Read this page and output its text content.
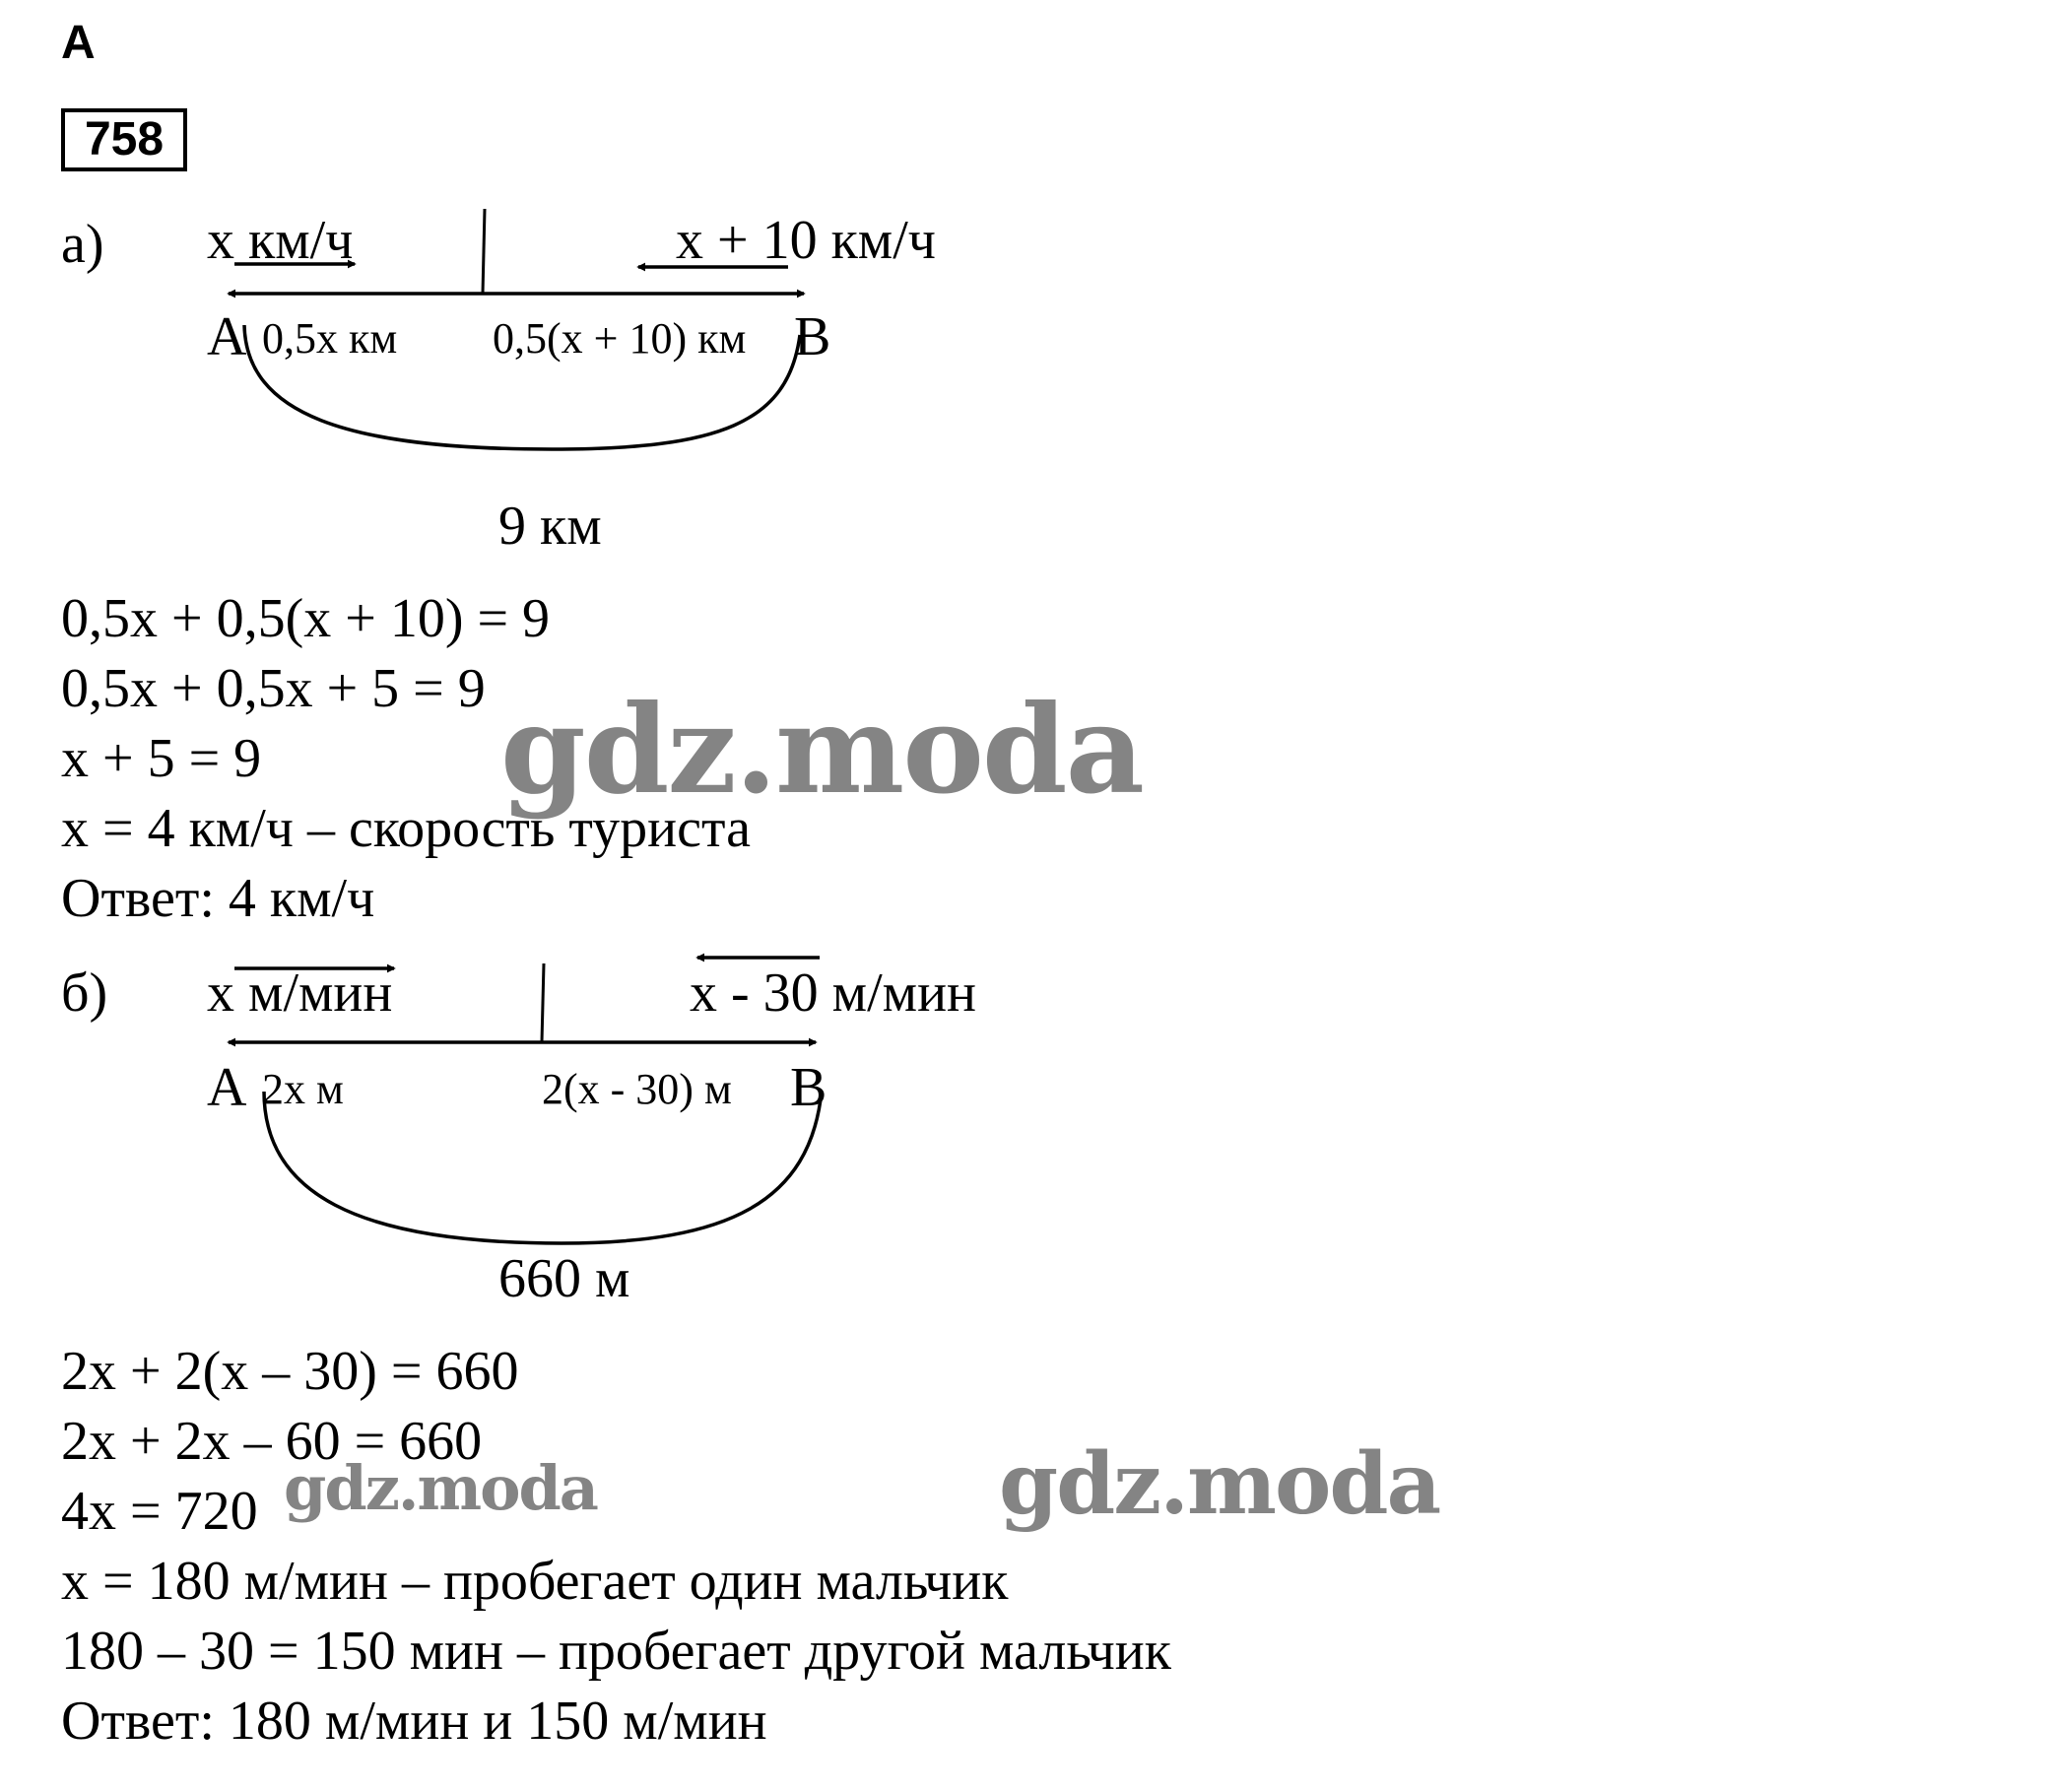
А
758
а) x км/ч	x + 10 км/ч
A	B
0,5x км 0,5(x + 10) км
9 км
0,5x + 0,5(x + 10) = 9
0,5x + 0,5x + 5 = 9
x + 5 = 9
x = 4 км/ч – скорость туриста
Ответ: 4 км/ч
б) x м/мин	x - 30 м/мин
A	B
2x м	2(x - 30) м
660 м
2x + 2(x – 30) = 660
2x + 2x – 60 = 660
4x = 720
x = 180 м/мин – пробегает один мальчик
180 – 30 = 150 мин – пробегает другой мальчик
Ответ: 180 м/мин и 150 м/мин
gdz.moda
gdz.moda	gdz.moda
